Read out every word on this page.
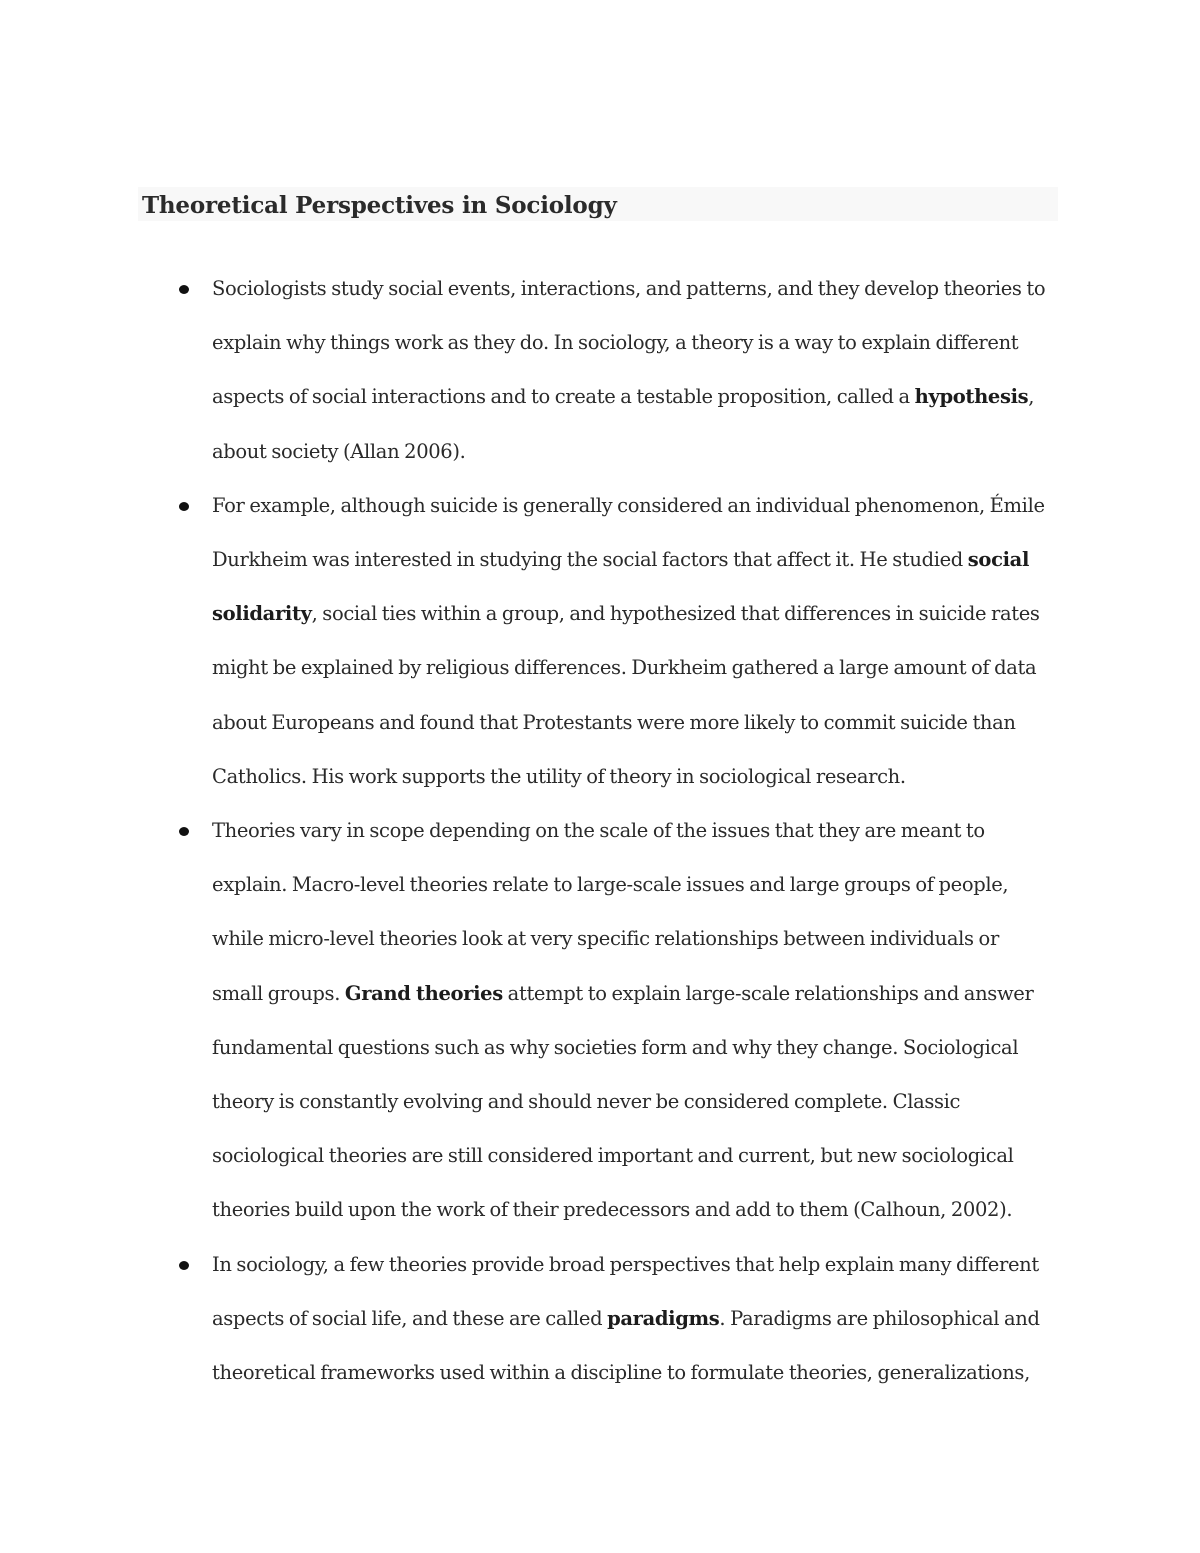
Theoretical Perspectives in Sociology
Sociologists study social events, interactions, and patterns, and they develop theories to
explain why things work as they do. In sociology, a theory is a way to explain different
aspects of social interactions and to create a testable proposition, called a hypothesis,
about society (Allan 2006).
For example, although suicide is generally considered an individual phenomenon, Émile
Durkheim was interested in studying the social factors that affect it. He studied social
solidarity, social ties within a group, and hypothesized that differences in suicide rates
might be explained by religious differences. Durkheim gathered a large amount of data
about Europeans and found that Protestants were more likely to commit suicide than
Catholics. His work supports the utility of theory in sociological research.
Theories vary in scope depending on the scale of the issues that they are meant to
explain. Macro-level theories relate to large-scale issues and large groups of people,
while micro-level theories look at very specific relationships between individuals or
small groups. Grand theories attempt to explain large-scale relationships and answer
fundamental questions such as why societies form and why they change. Sociological
theory is constantly evolving and should never be considered complete. Classic
sociological theories are still considered important and current, but new sociological
theories build upon the work of their predecessors and add to them (Calhoun, 2002).
In sociology, a few theories provide broad perspectives that help explain many different
aspects of social life, and these are called paradigms. Paradigms are philosophical and
theoretical frameworks used within a discipline to formulate theories, generalizations,
